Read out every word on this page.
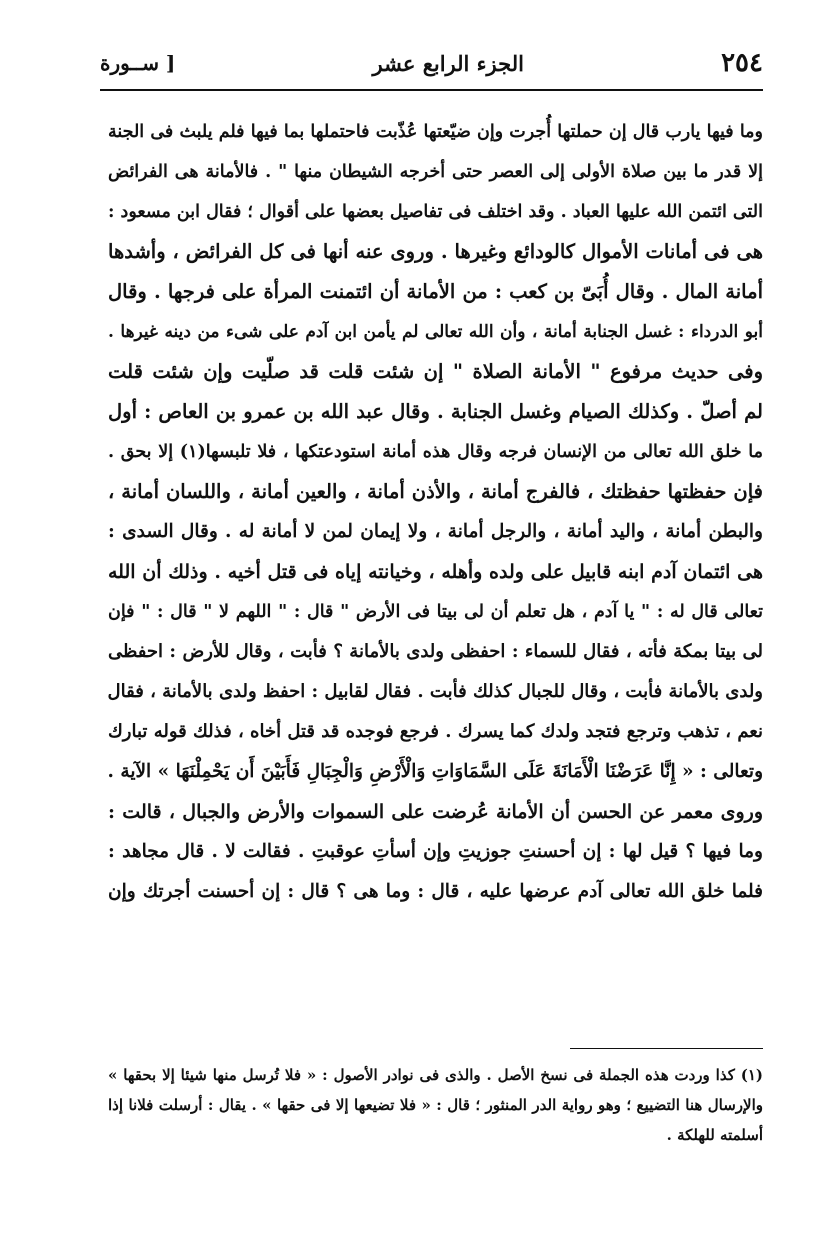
٢٥٤
الجزء الرابع عشر
[ ســورة
وما فيها يارب قال إن حملتها أُجرت وإن ضيّعتها عُذّبت فاحتملها بما فيها فلم يلبث فى الجنة
إلا قدر ما بين صلاة الأولى إلى العصر حتى أخرجه الشيطان منها " . فالأمانة هى الفرائض
التى ائتمن الله عليها العباد . وقد اختلف فى تفاصيل بعضها على أقوال ؛ فقال ابن مسعود :
هى فى أمانات الأموال كالودائع وغيرها . وروى عنه أنها فى كل الفرائض ، وأشدها
أمانة المال . وقال أُبَىّ بن كعب : من الأمانة أن ائتمنت المرأة على فرجها . وقال
أبو الدرداء : غسل الجنابة أمانة ، وأن الله تعالى لم يأمن ابن آدم على شىء من دينه غيرها .
وفى حديث مرفوع " الأمانة الصلاة " إن شئت قلت قد صلّيت وإن شئت قلت
لم أصلّ . وكذلك الصيام وغسل الجنابة . وقال عبد الله بن عمرو بن العاص : أول
ما خلق الله تعالى من الإنسان فرجه وقال هذه أمانة استودعتكها ، فلا تلبسها(١) إلا بحق .
فإن حفظتها حفظتك ، فالفرج أمانة ، والأذن أمانة ، والعين أمانة ، واللسان أمانة ،
والبطن أمانة ، واليد أمانة ، والرجل أمانة ، ولا إيمان لمن لا أمانة له . وقال السدى :
هى ائتمان آدم ابنه قابيل على ولده وأهله ، وخيانته إياه فى قتل أخيه . وذلك أن الله
تعالى قال له : " يا آدم ، هل تعلم أن لى بيتا فى الأرض " قال : " اللهم لا " قال : " فإن
لى بيتا بمكة فأته ، فقال للسماء : احفظى ولدى بالأمانة ؟ فأبت ، وقال للأرض : احفظى
ولدى بالأمانة فأبت ، وقال للجبال كذلك فأبت . فقال لقابيل : احفظ ولدى بالأمانة ، فقال
نعم ، تذهب وترجع فتجد ولدك كما يسرك . فرجع فوجده قد قتل أخاه ، فذلك قوله تبارك
وتعالى : « إِنَّا عَرَضْنَا الْأَمَانَةَ عَلَى السَّمَاوَاتِ وَالْأَرْضِ وَالْجِبَالِ فَأَبَيْنَ أَن يَحْمِلْنَهَا » الآية .
وروى معمر عن الحسن أن الأمانة عُرضت على السموات والأرض والجبال ، قالت :
وما فيها ؟ قيل لها : إن أحسنتِ جوزيتِ وإن أسأتِ عوقبتِ . فقالت لا . قال مجاهد :
فلما خلق الله تعالى آدم عرضها عليه ، قال : وما هى ؟ قال : إن أحسنت أجرتك وإن
(١) كذا وردت هذه الجملة فى نسخ الأصل . والذى فى نوادر الأصول : « فلا تُرسل منها شيئا إلا بحقها »
والإرسال هنا التضييع ؛ وهو رواية الدر المنثور ؛ قال : « فلا تضيعها إلا فى حقها » . يقال : أرسلت فلانا إذا
أسلمته للهلكة .
